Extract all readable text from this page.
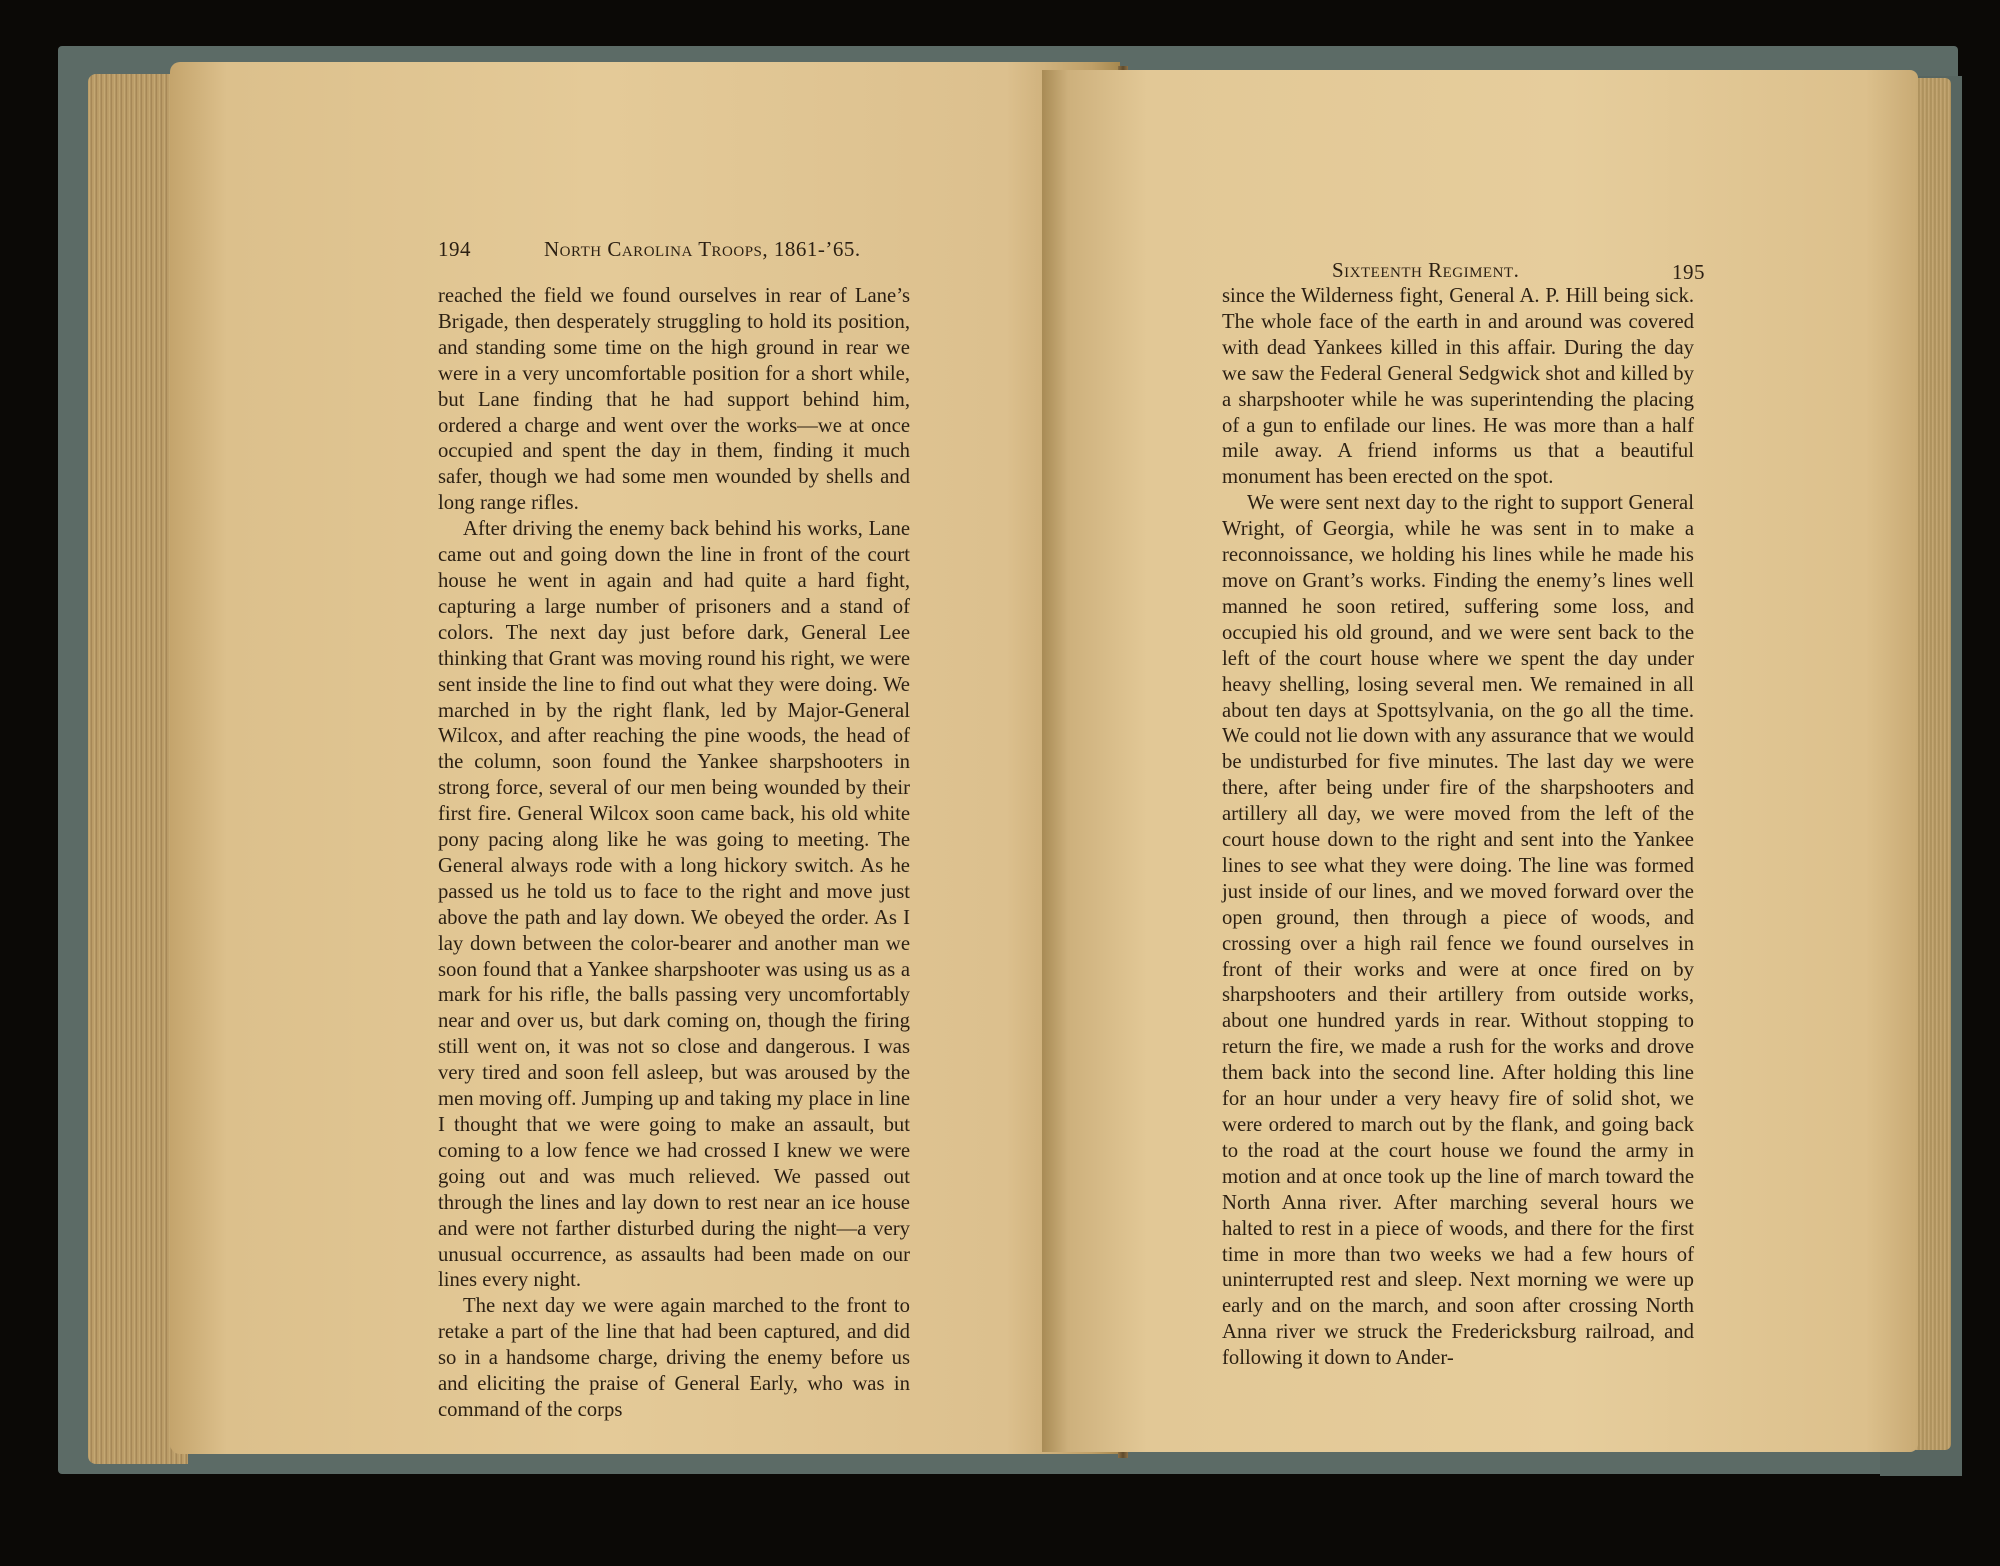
194	North Carolina Troops, 1861-’65.

reached the field we found ourselves in rear of Lane’s Brigade, then desperately struggling to hold its position, and standing some time on the high ground in rear we were in a very uncomfortable position for a short while, but Lane finding that he had support behind him, ordered a charge and went over the works—we at once occupied and spent the day in them, finding it much safer, though we had some men wounded by shells and long range rifles.

After driving the enemy back behind his works, Lane came out and going down the line in front of the court house he went in again and had quite a hard fight, capturing a large number of prisoners and a stand of colors. The next day just before dark, General Lee thinking that Grant was moving round his right, we were sent inside the line to find out what they were doing. We marched in by the right flank, led by Major-General Wilcox, and after reaching the pine woods, the head of the column, soon found the Yankee sharpshooters in strong force, several of our men being wounded by their first fire. General Wilcox soon came back, his old white pony pacing along like he was going to meeting. The General always rode with a long hickory switch. As he passed us he told us to face to the right and move just above the path and lay down. We obeyed the order. As I lay down between the color-bearer and another man we soon found that a Yankee sharpshooter was using us as a mark for his rifle, the balls passing very uncomfortably near and over us, but dark coming on, though the firing still went on, it was not so close and dangerous. I was very tired and soon fell asleep, but was aroused by the men moving off. Jumping up and taking my place in line I thought that we were going to make an assault, but coming to a low fence we had crossed I knew we were going out and was much relieved. We passed out through the lines and lay down to rest near an ice house and were not farther disturbed during the night—a very unusual occurrence, as assaults had been made on our lines every night.

The next day we were again marched to the front to retake a part of the line that had been captured, and did so in a handsome charge, driving the enemy before us and eliciting the praise of General Early, who was in command of the corps

Sixteenth Regiment.	195

since the Wilderness fight, General A. P. Hill being sick. The whole face of the earth in and around was covered with dead Yankees killed in this affair. During the day we saw the Federal General Sedgwick shot and killed by a sharpshooter while he was superintending the placing of a gun to enfilade our lines. He was more than a half mile away. A friend informs us that a beautiful monument has been erected on the spot.

We were sent next day to the right to support General Wright, of Georgia, while he was sent in to make a reconnoissance, we holding his lines while he made his move on Grant’s works. Finding the enemy’s lines well manned he soon retired, suffering some loss, and occupied his old ground, and we were sent back to the left of the court house where we spent the day under heavy shelling, losing several men. We remained in all about ten days at Spottsylvania, on the go all the time. We could not lie down with any assurance that we would be undisturbed for five minutes. The last day we were there, after being under fire of the sharpshooters and artillery all day, we were moved from the left of the court house down to the right and sent into the Yankee lines to see what they were doing. The line was formed just inside of our lines, and we moved forward over the open ground, then through a piece of woods, and crossing over a high rail fence we found ourselves in front of their works and were at once fired on by sharpshooters and their artillery from outside works, about one hundred yards in rear. Without stopping to return the fire, we made a rush for the works and drove them back into the second line. After holding this line for an hour under a very heavy fire of solid shot, we were ordered to march out by the flank, and going back to the road at the court house we found the army in motion and at once took up the line of march toward the North Anna river. After marching several hours we halted to rest in a piece of woods, and there for the first time in more than two weeks we had a few hours of uninterrupted rest and sleep. Next morning we were up early and on the march, and soon after crossing North Anna river we struck the Fredericksburg railroad, and following it down to Ander-
